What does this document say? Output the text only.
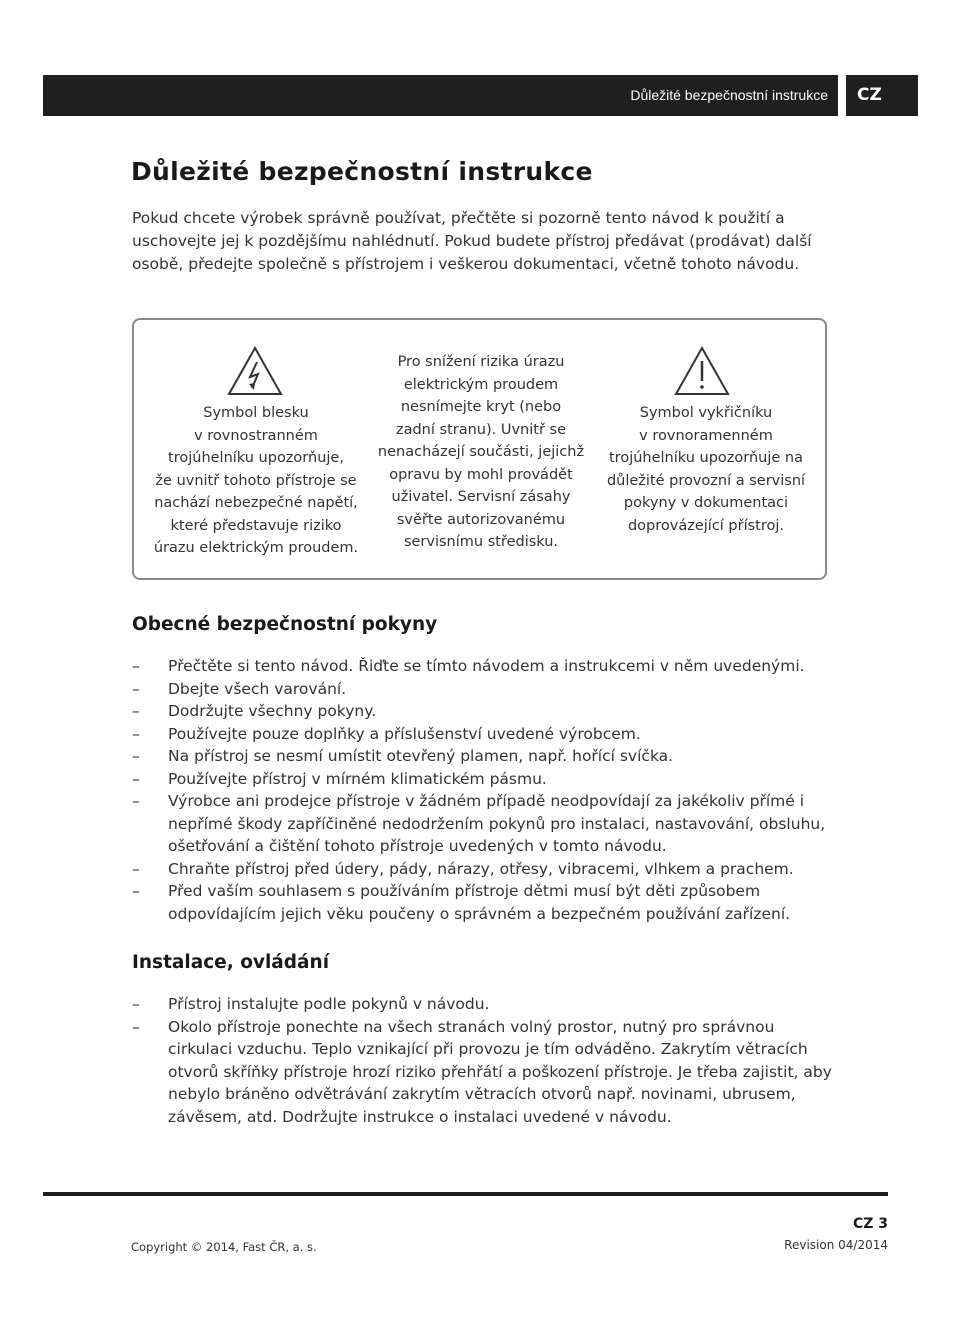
Důležité bezpečnostní instrukce CZ
Důležité bezpečnostní instrukce

Pokud chcete výrobek správně používat, přečtěte si pozorně tento návod k použití a uschovejte jej k pozdějšímu nahlédnutí. Pokud budete přístroj předávat (prodávat) další osobě, předejte společně s přístrojem i veškerou dokumentaci, včetně tohoto návodu.

Symbol blesku
v rovnostranném
trojúhelníku upozorňuje,
že uvnitř tohoto přístroje se
nachází nebezpečné napětí,
které představuje riziko
úrazu elektrickým proudem.
Pro snížení rizika úrazu
elektrickým proudem
nesnímejte kryt (nebo
zadní stranu). Uvnitř se
nenacházejí součásti, jejichž
opravu by mohl provádět
uživatel. Servisní zásahy
svěřte autorizovanému
servisnímu středisku.
Symbol vykřičníku
v rovnoramenném
trojúhelníku upozorňuje na
důležité provozní a servisní
pokyny v dokumentaci
doprovázející přístroj.
Obecné bezpečnostní pokyny
– Přečtěte si tento návod. Řiďte se tímto návodem a instrukcemi v něm uvedenými.
– Dbejte všech varování.
– Dodržujte všechny pokyny.
– Používejte pouze doplňky a příslušenství uvedené výrobcem.
– Na přístroj se nesmí umístit otevřený plamen, např. hořící svíčka.
– Používejte přístroj v mírném klimatickém pásmu.
– Výrobce ani prodejce přístroje v žádném případě neodpovídají za jakékoliv přímé i nepřímé škody zapříčiněné nedodržením pokynů pro instalaci, nastavování, obsluhu, ošetřování a čištění tohoto přístroje uvedených v tomto návodu.
– Chraňte přístroj před údery, pády, nárazy, otřesy, vibracemi, vlhkem a prachem.
– Před vaším souhlasem s používáním přístroje dětmi musí být děti způsobem odpovídajícím jejich věku poučeny o správném a bezpečném používání zařízení.
Instalace, ovládání
– Přístroj instalujte podle pokynů v návodu.
– Okolo přístroje ponechte na všech stranách volný prostor, nutný pro správnou cirkulaci vzduchu. Teplo vznikající při provozu je tím odváděno. Zakrytím větracích otvorů skříňky přístroje hrozí riziko přehřátí a poškození přístroje. Je třeba zajistit, aby nebylo bráněno odvětrávání zakrytím větracích otvorů např. novinami, ubrusem, závěsem, atd. Dodržujte instrukce o instalaci uvedené v návodu.
Copyright © 2014, Fast ČR, a. s.
CZ 3
Revision 04/2014
